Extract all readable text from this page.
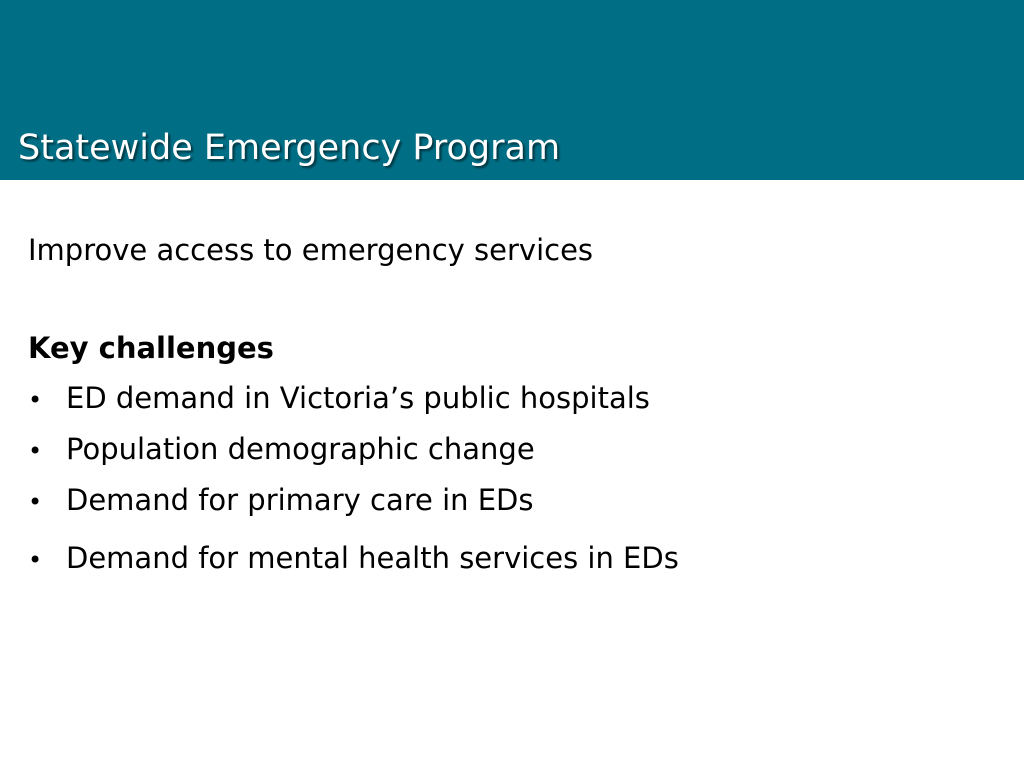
Statewide Emergency Program

Improve access to emergency services

Key challenges
• ED demand in Victoria’s public hospitals
• Population demographic change
• Demand for primary care in EDs
• Demand for mental health services in EDs
